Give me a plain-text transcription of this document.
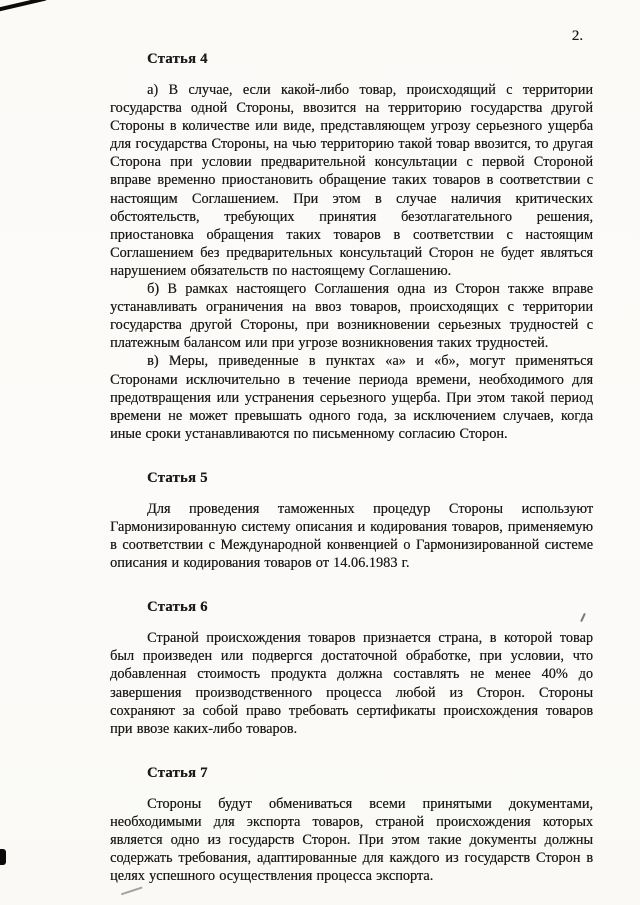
2.
Статья 4

а) В случае, если какой-либо товар, происходящий с территории государства одной Стороны, ввозится на территорию государства другой Стороны в количестве или виде, представляющем угрозу серьезного ущерба для государства Стороны, на чью территорию такой товар ввозится, то другая Сторона при условии предварительной консультации с первой Стороной вправе временно приостановить обращение таких товаров в соответствии с настоящим Соглашением. При этом в случае наличия критических обстоятельств, требующих принятия безотлагательного решения, приостановка обращения таких товаров в соответствии с настоящим Соглашением без предварительных консультаций Сторон не будет являться нарушением обязательств по настоящему Соглашению.

б) В рамках настоящего Соглашения одна из Сторон также вправе устанавливать ограничения на ввоз товаров, происходящих с территории государства другой Стороны, при возникновении серьезных трудностей с платежным балансом или при угрозе возникновения таких трудностей.

в) Меры, приведенные в пунктах «а» и «б», могут применяться Сторонами исключительно в течение периода времени, необходимого для предотвращения или устранения серьезного ущерба. При этом такой период времени не может превышать одного года, за исключением случаев, когда иные сроки устанавливаются по письменному согласию Сторон.

Статья 5

Для проведения таможенных процедур Стороны используют Гармонизированную систему описания и кодирования товаров, применяемую в соответствии с Международной конвенцией о Гармонизированной системе описания и кодирования товаров от 14.06.1983 г.

Статья 6

Страной происхождения товаров признается страна, в которой товар был произведен или подвергся достаточной обработке, при условии, что добавленная стоимость продукта должна составлять не менее 40% до завершения производственного процесса любой из Сторон. Стороны сохраняют за собой право требовать сертификаты происхождения товаров при ввозе каких-либо товаров.

Статья 7

Стороны будут обмениваться всеми принятыми документами, необходимыми для экспорта товаров, страной происхождения которых является одно из государств Сторон. При этом такие документы должны содержать требования, адаптированные для каждого из государств Сторон в целях успешного осуществления процесса экспорта.
